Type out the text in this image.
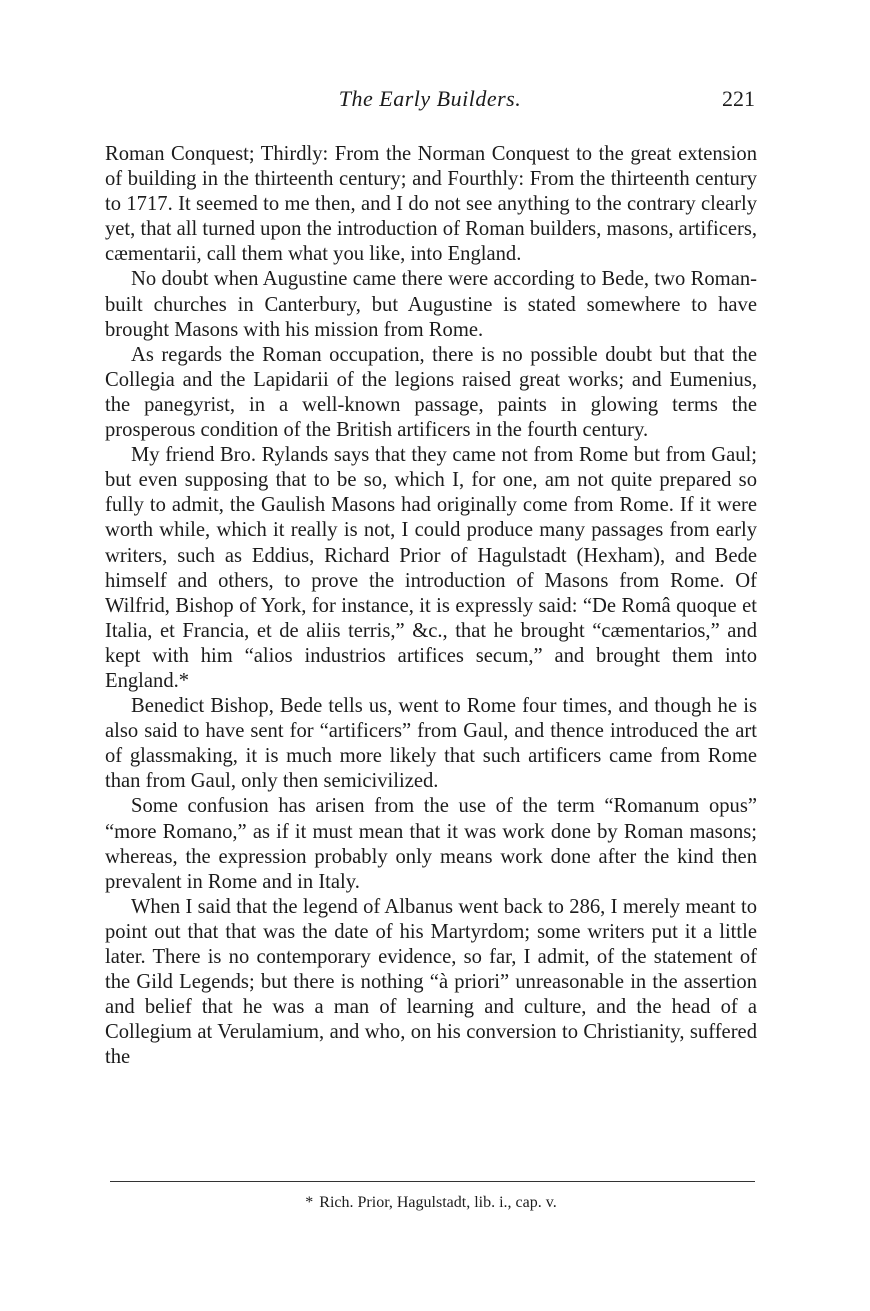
The Early Builders.	221

Roman Conquest; Thirdly: From the Norman Conquest to the great extension of building in the thirteenth century; and Fourthly: From the thirteenth century to 1717. It seemed to me then, and I do not see anything to the contrary clearly yet, that all turned upon the introduction of Roman builders, masons, artificers, cæmentarii, call them what you like, into England.

No doubt when Augustine came there were according to Bede, two Roman-built churches in Canterbury, but Augustine is stated somewhere to have brought Masons with his mission from Rome.

As regards the Roman occupation, there is no possible doubt but that the Collegia and the Lapidarii of the legions raised great works; and Eumenius, the panegyrist, in a well-known passage, paints in glowing terms the prosperous condition of the British artificers in the fourth century.

My friend Bro. Rylands says that they came not from Rome but from Gaul; but even supposing that to be so, which I, for one, am not quite prepared so fully to admit, the Gaulish Masons had originally come from Rome. If it were worth while, which it really is not, I could produce many passages from early writers, such as Eddius, Richard Prior of Hagulstadt (Hexham), and Bede himself and others, to prove the introduction of Masons from Rome. Of Wilfrid, Bishop of York, for instance, it is expressly said: “De Româ quoque et Italia, et Francia, et de aliis terris,” &c., that he brought “cæmentarios,” and kept with him “alios industrios artifices secum,” and brought them into England.*

Benedict Bishop, Bede tells us, went to Rome four times, and though he is also said to have sent for “artificers” from Gaul, and thence introduced the art of glassmaking, it is much more likely that such artificers came from Rome than from Gaul, only then semicivilized.

Some confusion has arisen from the use of the term “Romanum opus” “more Romano,” as if it must mean that it was work done by Roman masons; whereas, the expression probably only means work done after the kind then prevalent in Rome and in Italy.

When I said that the legend of Albanus went back to 286, I merely meant to point out that that was the date of his Martyrdom; some writers put it a little later. There is no contemporary evidence, so far, I admit, of the statement of the Gild Legends; but there is nothing “à priori” unreasonable in the assertion and belief that he was a man of learning and culture, and the head of a Collegium at Verulamium, and who, on his conversion to Christianity, suffered the

* Rich. Prior, Hagulstadt, lib. i., cap. v.
